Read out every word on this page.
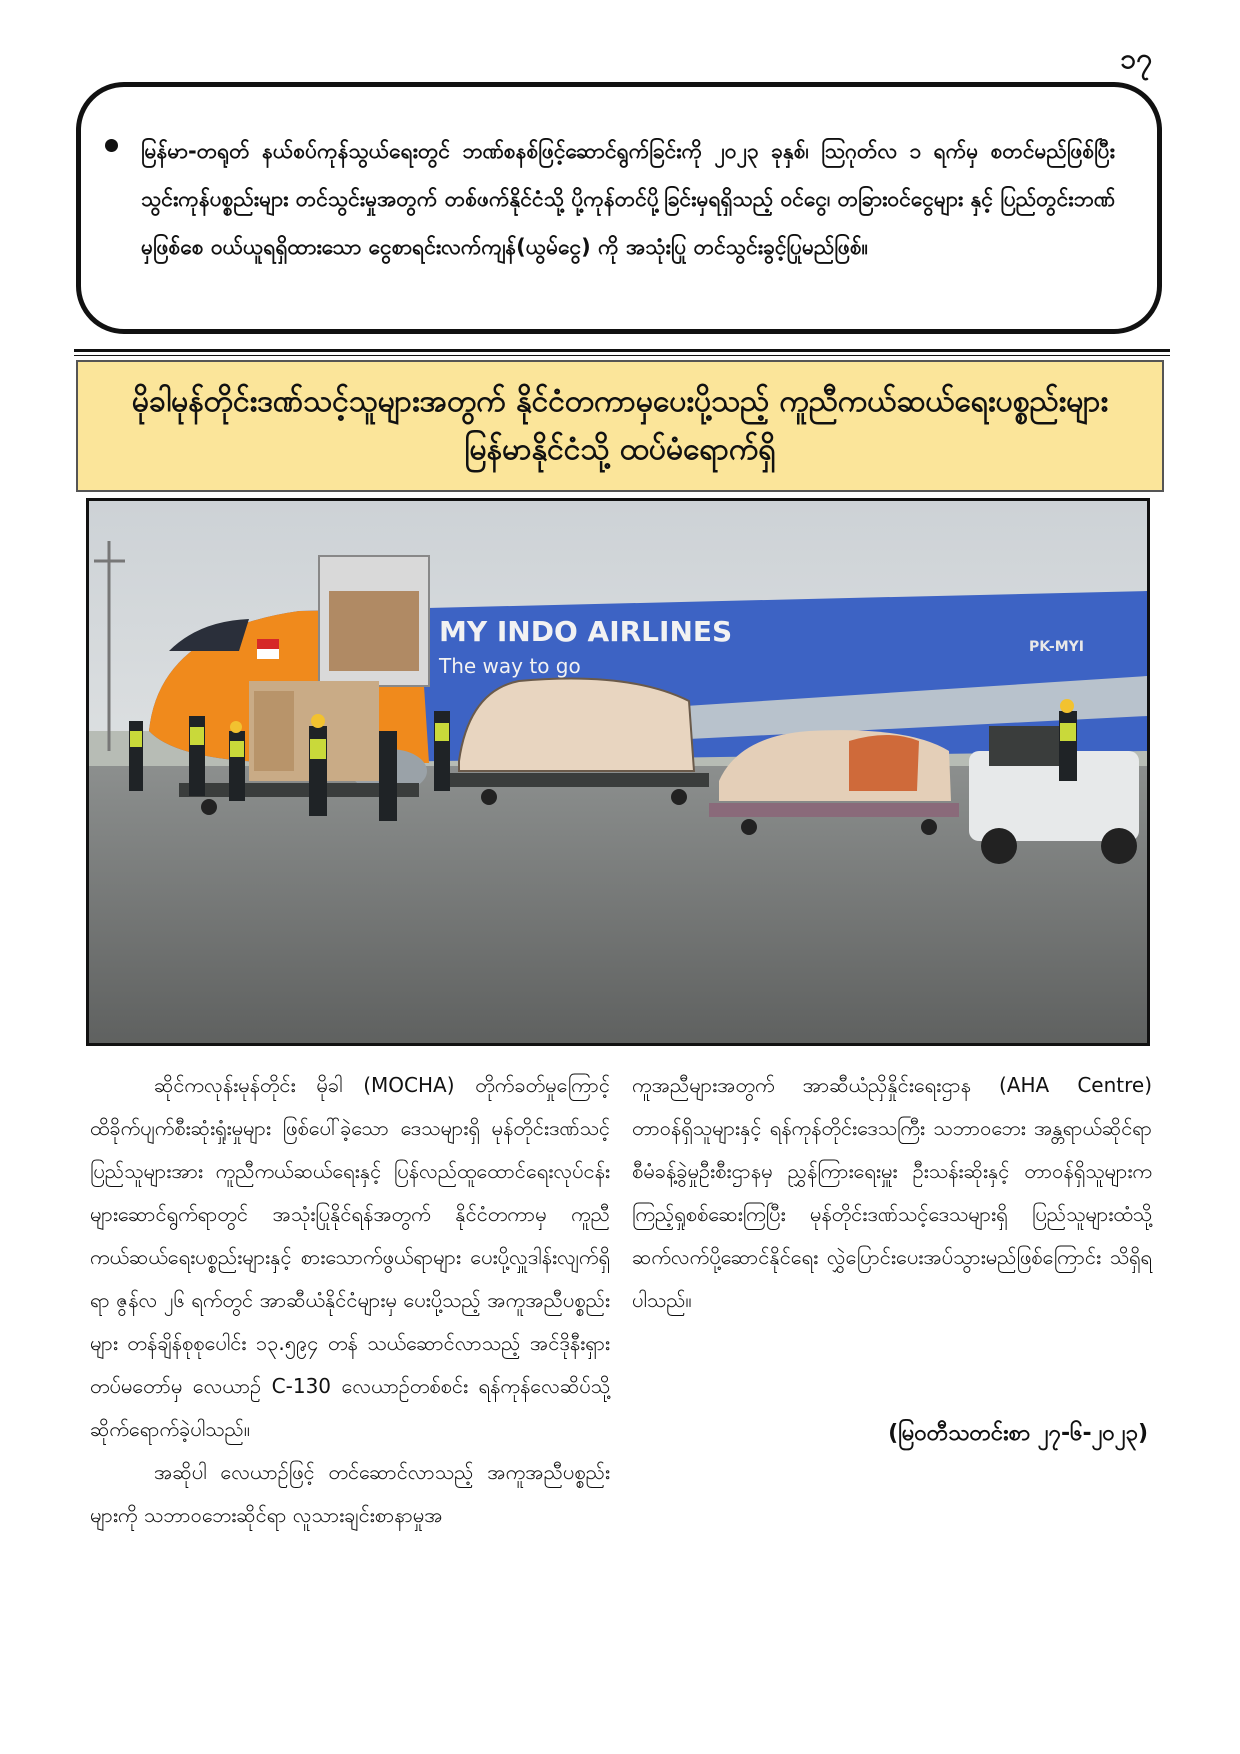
၁၇

မြန်မာ-တရုတ် နယ်စပ်ကုန်သွယ်ရေးတွင် ဘဏ်စနစ်ဖြင့်ဆောင်ရွက်ခြင်းကို ၂၀၂၃ ခုနှစ်၊ ဩဂုတ်လ ၁ ရက်မှ စတင်မည်ဖြစ်ပြီး သွင်းကုန်ပစ္စည်းများ တင်သွင်းမှုအတွက် တစ်ဖက်နိုင်ငံသို့ ပို့ကုန်တင်ပို့ခြင်းမှရရှိသည့် ဝင်ငွေ၊ တခြားဝင်ငွေများ နှင့် ပြည်တွင်းဘဏ်မှဖြစ်စေ ဝယ်ယူရရှိထားသော ငွေစာရင်းလက်ကျန်(ယွမ်ငွေ) ကို အသုံးပြု တင်သွင်းခွင့်ပြုမည်ဖြစ်။

မိုခါမုန်တိုင်းဒဏ်သင့်သူများအတွက် နိုင်ငံတကာမှပေးပို့သည့် ကူညီကယ်ဆယ်ရေးပစ္စည်းများ
မြန်မာနိုင်ငံသို့ ထပ်မံရောက်ရှိ
MY INDO AIRLINES
The way to go
PK-MYI

ဆိုင်ကလုန်းမုန်တိုင်း မိုခါ (MOCHA) တိုက်ခတ်မှုကြောင့် ထိခိုက်ပျက်စီးဆုံးရှုံးမှုများ ဖြစ်ပေါ်ခဲ့သော ဒေသများရှိ မုန်တိုင်းဒဏ်သင့်ပြည်သူများအား ကူညီကယ်ဆယ်ရေးနှင့် ပြန်လည်ထူထောင်ရေးလုပ်ငန်းများဆောင်ရွက်ရာတွင် အသုံးပြုနိုင်ရန်အတွက် နိုင်ငံတကာမှ ကူညီကယ်ဆယ်ရေးပစ္စည်းများနှင့် စားသောက်ဖွယ်ရာများ ပေးပို့လှူဒါန်းလျက်ရှိရာ ဇွန်လ ၂၆ ရက်တွင် အာဆီယံနိုင်ငံများမှ ပေးပို့သည့် အကူအညီပစ္စည်းများ တန်ချိန်စုစုပေါင်း ၁၃.၅၉၄ တန် သယ်ဆောင်လာသည့် အင်ဒိုနီးရှားတပ်မတော်မှ လေယာဉ် C-130 လေယာဉ်တစ်စင်း ရန်ကုန်လေဆိပ်သို့ ဆိုက်ရောက်ခဲ့ပါသည်။

အဆိုပါ လေယာဉ်ဖြင့် တင်ဆောင်လာသည့် အကူအညီပစ္စည်းများကို သဘာဝဘေးဆိုင်ရာ လူသားချင်းစာနာမှုအ

ကူအညီများအတွက် အာဆီယံညှိနှိုင်းရေးဌာန (AHA Centre) တာဝန်ရှိသူများနှင့် ရန်ကုန်တိုင်းဒေသကြီး သဘာဝဘေး အန္တရာယ်ဆိုင်ရာ စီမံခန့်ခွဲမှုဦးစီးဌာနမှ ညွှန်ကြားရေးမှူး ဦးသန်းဆိုးနှင့် တာဝန်ရှိသူများက ကြည့်ရှုစစ်ဆေးကြပြီး မုန်တိုင်းဒဏ်သင့်ဒေသများရှိ ပြည်သူများထံသို့ ဆက်လက်ပို့ဆောင်နိုင်ရေး လွှဲပြောင်းပေးအပ်သွားမည်ဖြစ်ကြောင်း သိရှိရပါသည်။

(မြဝတီသတင်းစာ ၂၇-၆-၂၀၂၃)
